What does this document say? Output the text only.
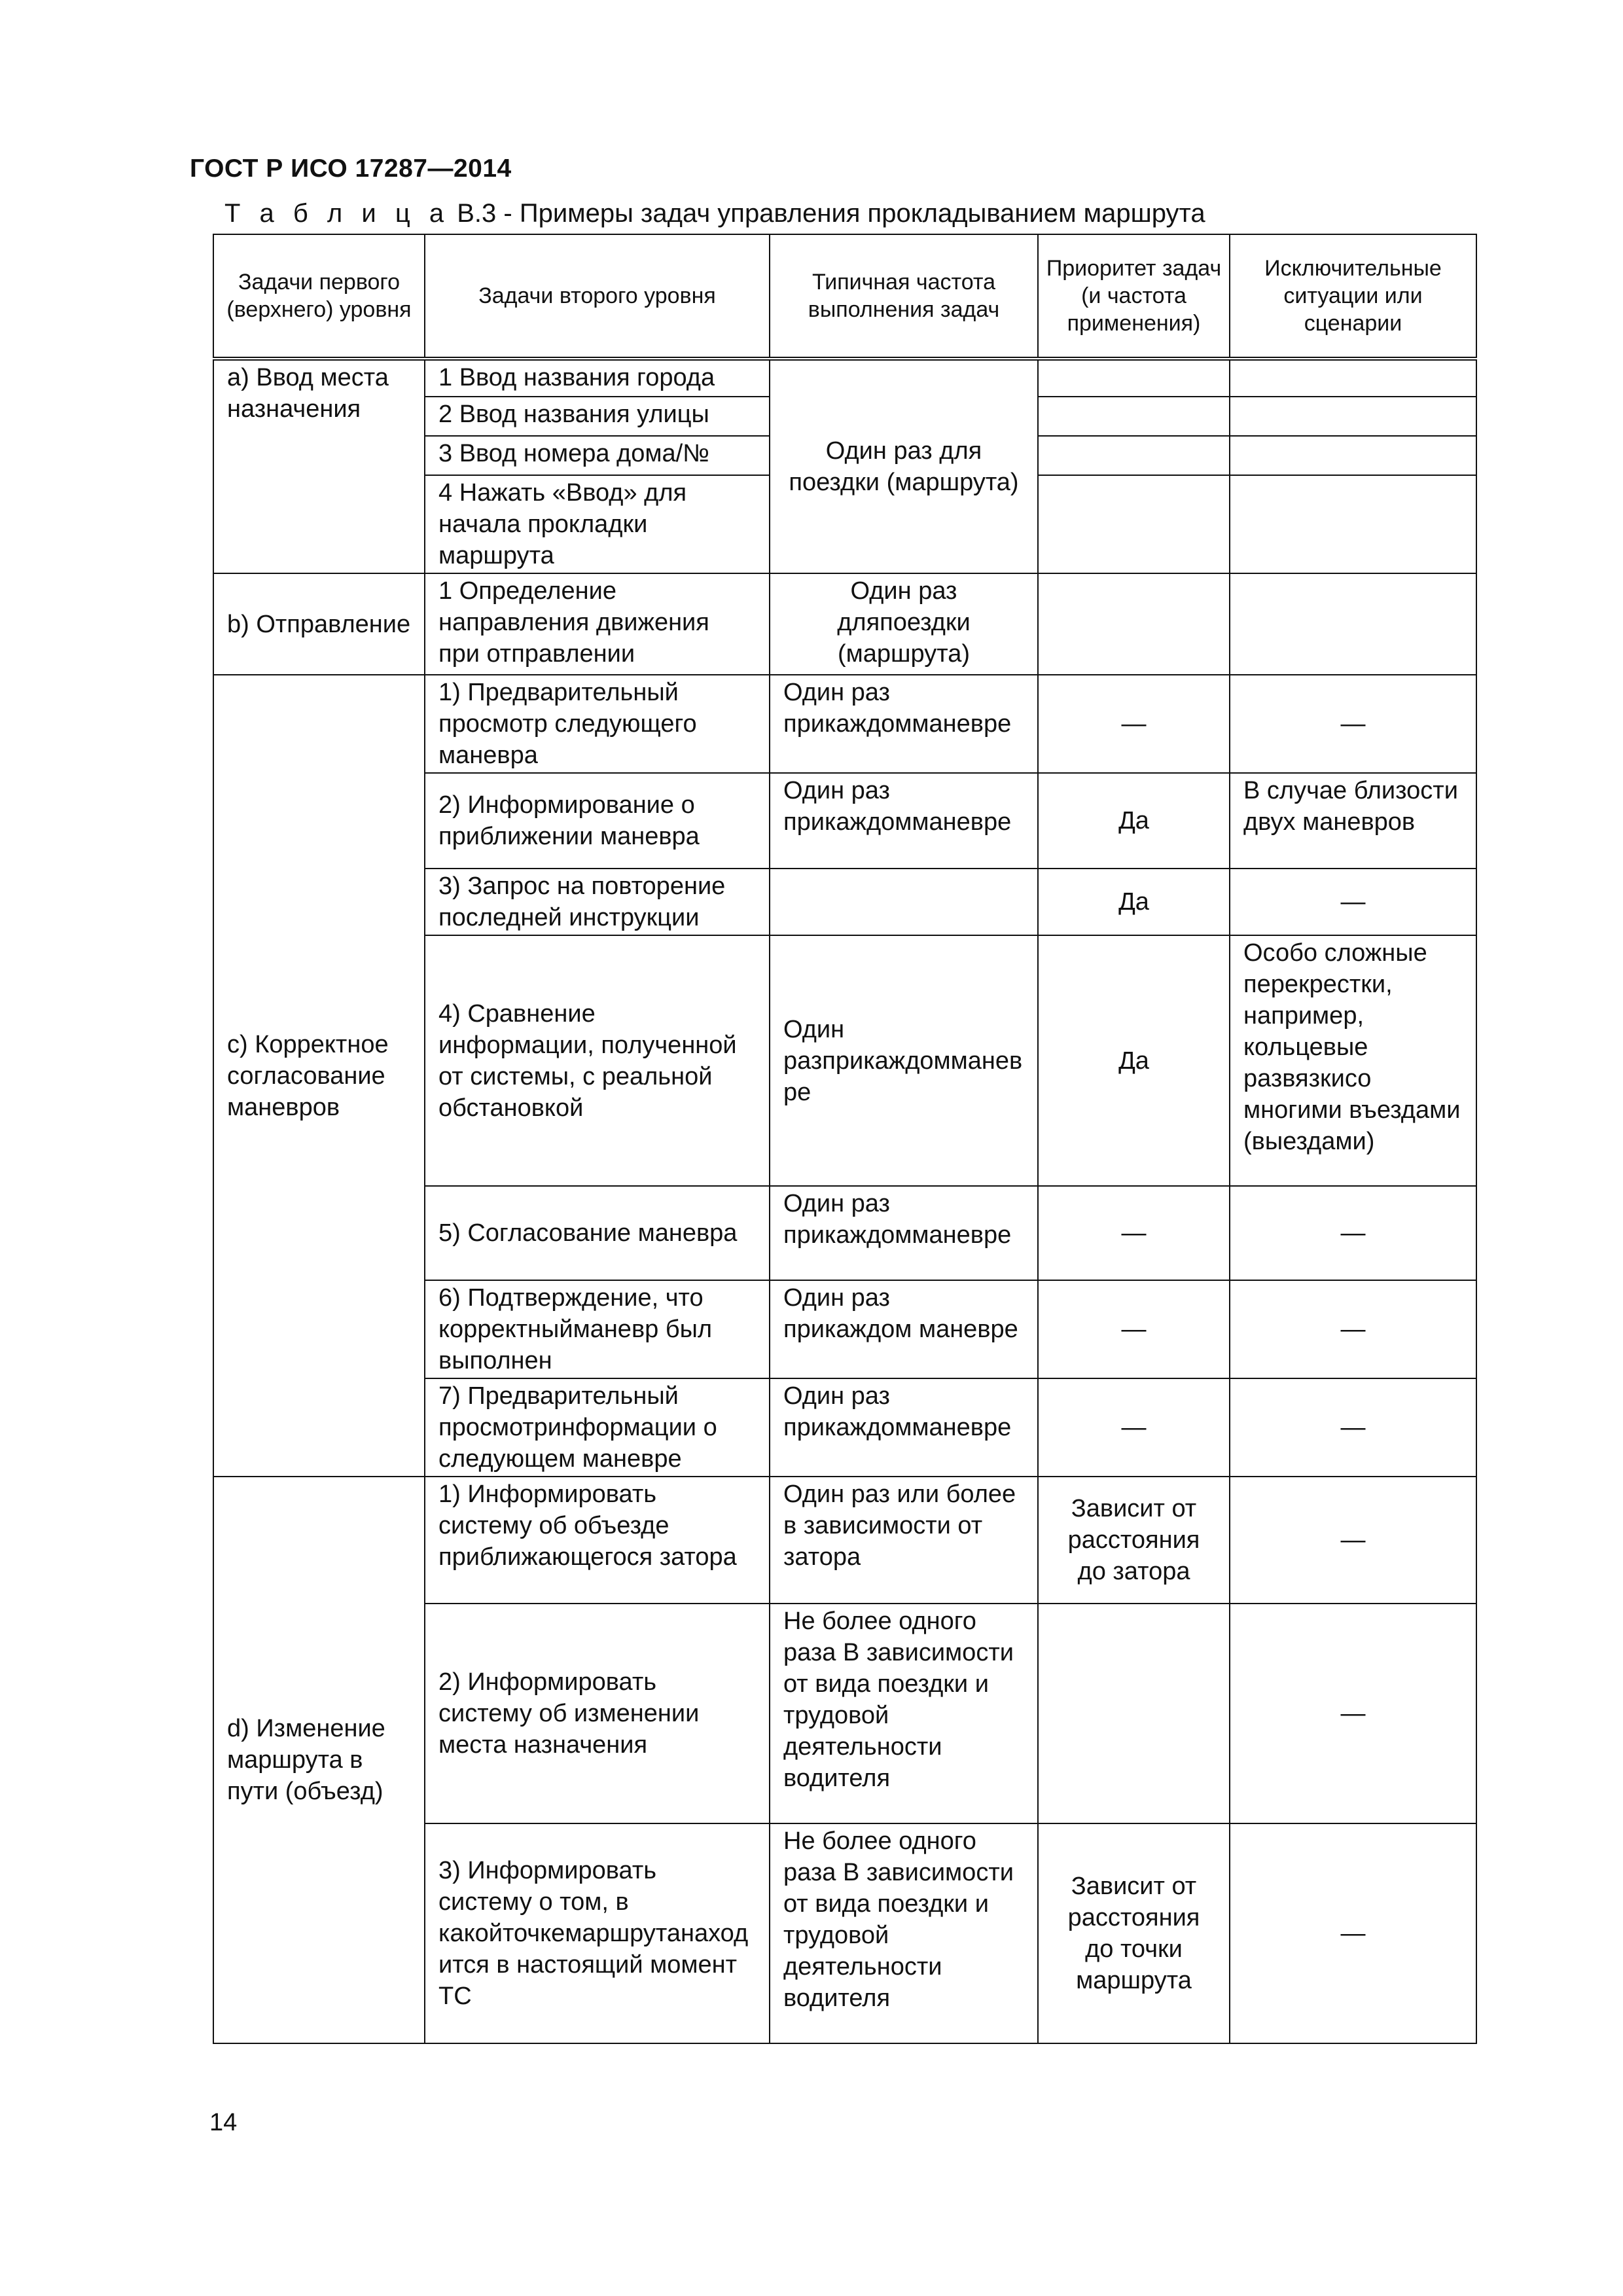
ГОСТ Р ИСО 17287—2014
Т а б л и ц а В.3 - Примеры задач управления прокладыванием маршрута
Задачи первого (верхнего) уровня	Задачи второго уровня	Типичная частота выполнения задач	Приоритет задач (и частота применения)	Исключительные ситуации или сценарии
а) Ввод места назначения	1 Ввод названия города	Один раз для поездки (маршрута)		
	2 Ввод названия улицы			
	3 Ввод номера дома/№			
	4 Нажать «Ввод» для начала прокладки маршрута			
b) Отправление	1 Определение направления движения при отправлении	Один раз дляпоездки (маршрута)		
с) Корректное согласование маневров	1) Предварительный просмотр следующего маневра	Один раз прикаждомманевре	—	—
	2) Информирование о приближении маневра	Один раз прикаждомманевре	Да	В случае близости двух маневров
	3) Запрос на повторение последней инструкции		Да	—
	4) Сравнение информации, полученной от системы, с реальной обстановкой	Один разприкаждомманевре	Да	Особо сложные перекрестки, например, кольцевые развязкисо многими въездами (выездами)
	5) Согласование маневра	Один раз прикаждомманевре	—	—
	6) Подтверждение, что корректныйманевр был выполнен	Один раз прикаждом маневре	—	—
	7) Предварительный просмотринформации о следующем маневре	Один раз прикаждомманевре	—	—
d) Изменение маршрута в пути (объезд)	1) Информировать систему об объезде приближающегося затора	Один раз или более в зависимости от затора	Зависит от расстояния до затора	—
	2) Информировать систему об изменении места назначения	Не более одного раза В зависимости от вида поездки и трудовой деятельности водителя		—
	3) Информировать систему о том, в какойточкемаршрутанаходится в настоящий момент ТС	Не более одного раза В зависимости от вида поездки и трудовой деятельности водителя	Зависит от расстояния до точки маршрута	—
14
